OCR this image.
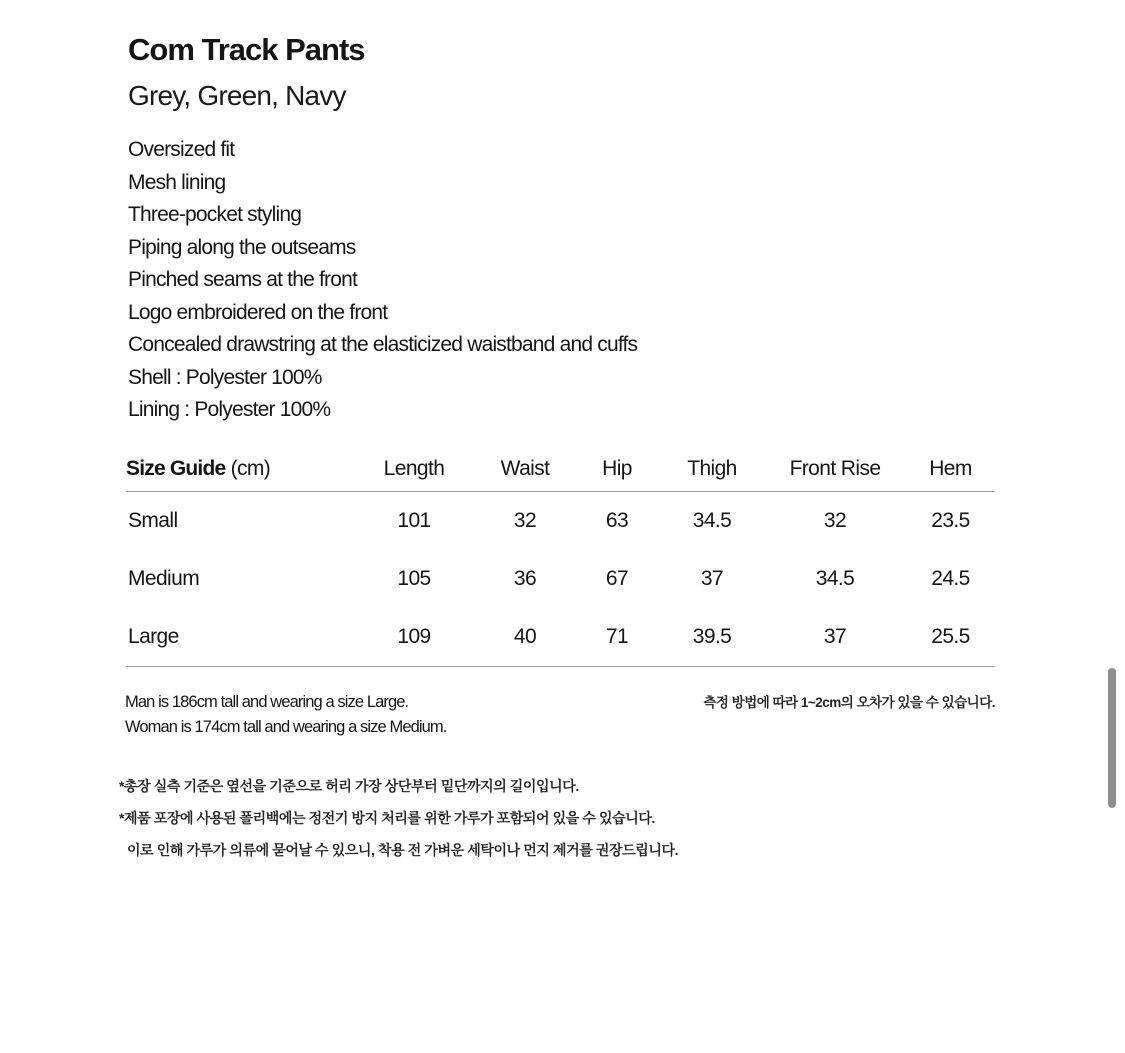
Com Track Pants
Grey, Green, Navy
Oversized fit
Mesh lining
Three-pocket styling
Piping along the outseams
Pinched seams at the front
Logo embroidered on the front
Concealed drawstring at the elasticized waistband and cuffs
Shell : Polyester 100%
Lining : Polyester 100%
Size Guide (cm)	Length	Waist	Hip	Thigh	Front Rise	Hem
Small	101	32	63	34.5	32	23.5
Medium	105	36	67	37	34.5	24.5
Large	109	40	71	39.5	37	25.5
Man is 186cm tall and wearing a size Large.
Woman is 174cm tall and wearing a size Medium.
측정 방법에 따라 1~2cm의 오차가 있을 수 있습니다.
*총장 실측 기준은 옆선을 기준으로 허리 가장 상단부터 밑단까지의 길이입니다.
*제품 포장에 사용된 폴리백에는 정전기 방지 처리를 위한 가루가 포함되어 있을 수 있습니다.
이로 인해 가루가 의류에 묻어날 수 있으니, 착용 전 가벼운 세탁이나 먼지 제거를 권장드립니다.
